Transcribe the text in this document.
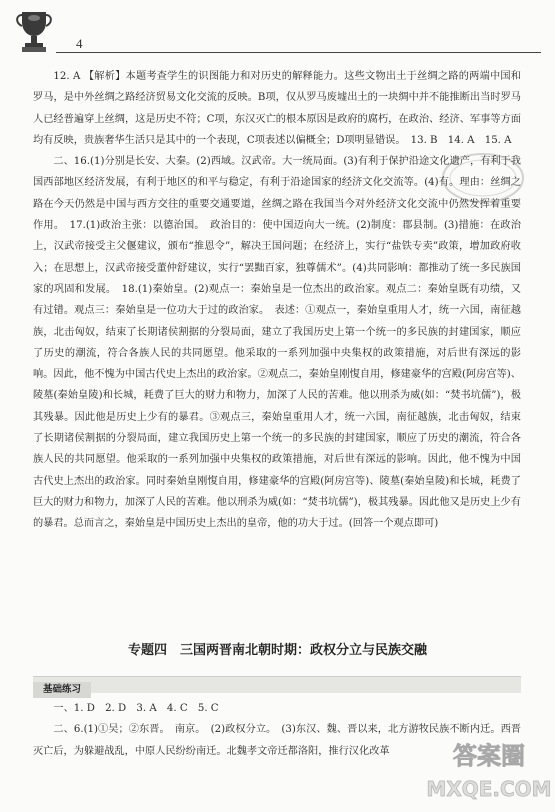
4

12. A 【解析】本题考查学生的识图能力和对历史的解释能力。这些文物出土于丝绸之路的两端中国和罗马，是中外丝绸之路经济贸易文化交流的反映。B项，仅从罗马废墟出土的一块绸中并不能推断出当时罗马人已经普遍穿上丝绸，这是历史不符；C项，东汉灭亡的根本原因是政府的腐朽，在政治、经济、军事等方面均有反映，贵族奢华生活只是其中的一个表现，C项表述以偏概全；D项明显错误。　13. B　14. A　15. A

二、16.(1)分别是长安、大秦。(2)西域。汉武帝。大一统局面。(3)有利于保护沿途文化遗产，有利于我国西部地区经济发展，有利于地区的和平与稳定，有利于沿途国家的经济文化交流等。(4)有。理由：丝绸之路在今天仍然是中国与西方交往的重要交通要道，丝绸之路在我国当今对外经济文化交流中仍然发挥着重要作用。　17.(1)政治主张：以德治国。　政治目的：使中国迈向大一统。(2)制度：郡县制。(3)措施：在政治上，汉武帝接受主父偃建议，颁布“推恩令”，解决王国问题；在经济上，实行“盐铁专卖”政策，增加政府收入；在思想上，汉武帝接受董仲舒建议，实行“罢黜百家，独尊儒术”。(4)共同影响：都推动了统一多民族国家的巩固和发展。　18.(1)秦始皇。(2)观点一：秦始皇是一位杰出的政治家。观点二：秦始皇既有功绩，又有过错。观点三：秦始皇是一位功大于过的政治家。　表述：①观点一，秦始皇重用人才，统一六国，南征越族，北击匈奴，结束了长期诸侯割据的分裂局面，建立了我国历史上第一个统一的多民族的封建国家，顺应了历史的潮流，符合各族人民的共同愿望。他采取的一系列加强中央集权的政策措施，对后世有深远的影响。因此，他不愧为中国古代史上杰出的政治家。②观点二，秦始皇刚愎自用，修建豪华的宫殿(阿房宫等)、陵墓(秦始皇陵)和长城，耗费了巨大的财力和物力，加深了人民的苦难。他以刑杀为威(如：“焚书坑儒”)，极其残暴。因此他是历史上少有的暴君。③观点三，秦始皇重用人才，统一六国，南征越族，北击匈奴，结束了长期诸侯割据的分裂局面，建立我国历史上第一个统一的多民族的封建国家，顺应了历史的潮流，符合各族人民的共同愿望。他采取的一系列加强中央集权的政策措施，对后世有深远的影响。因此，他不愧为中国古代史上杰出的政治家。同时秦始皇刚愎自用，修建豪华的宫殿(阿房宫等)、陵墓(秦始皇陵)和长城，耗费了巨大的财力和物力，加深了人民的苦难。他以刑杀为威(如：“焚书坑儒”)，极其残暴。因此他又是历史上少有的暴君。总而言之，秦始皇是中国历史上杰出的皇帝，他的功大于过。(回答一个观点即可)

专题四　三国两晋南北朝时期：政权分立与民族交融
基础练习

一、1. D　2. D　3. A　4. C　5. C

二、6.(1)①吴；②东晋。　南京。　(2)政权分立。　(3)东汉、魏、晋以来，北方游牧民族不断内迁。西晋灭亡后，为躲避战乱，中原人民纷纷南迁。北魏孝文帝迁都洛阳，推行汉化改革	答案圈
MXQE.COM
